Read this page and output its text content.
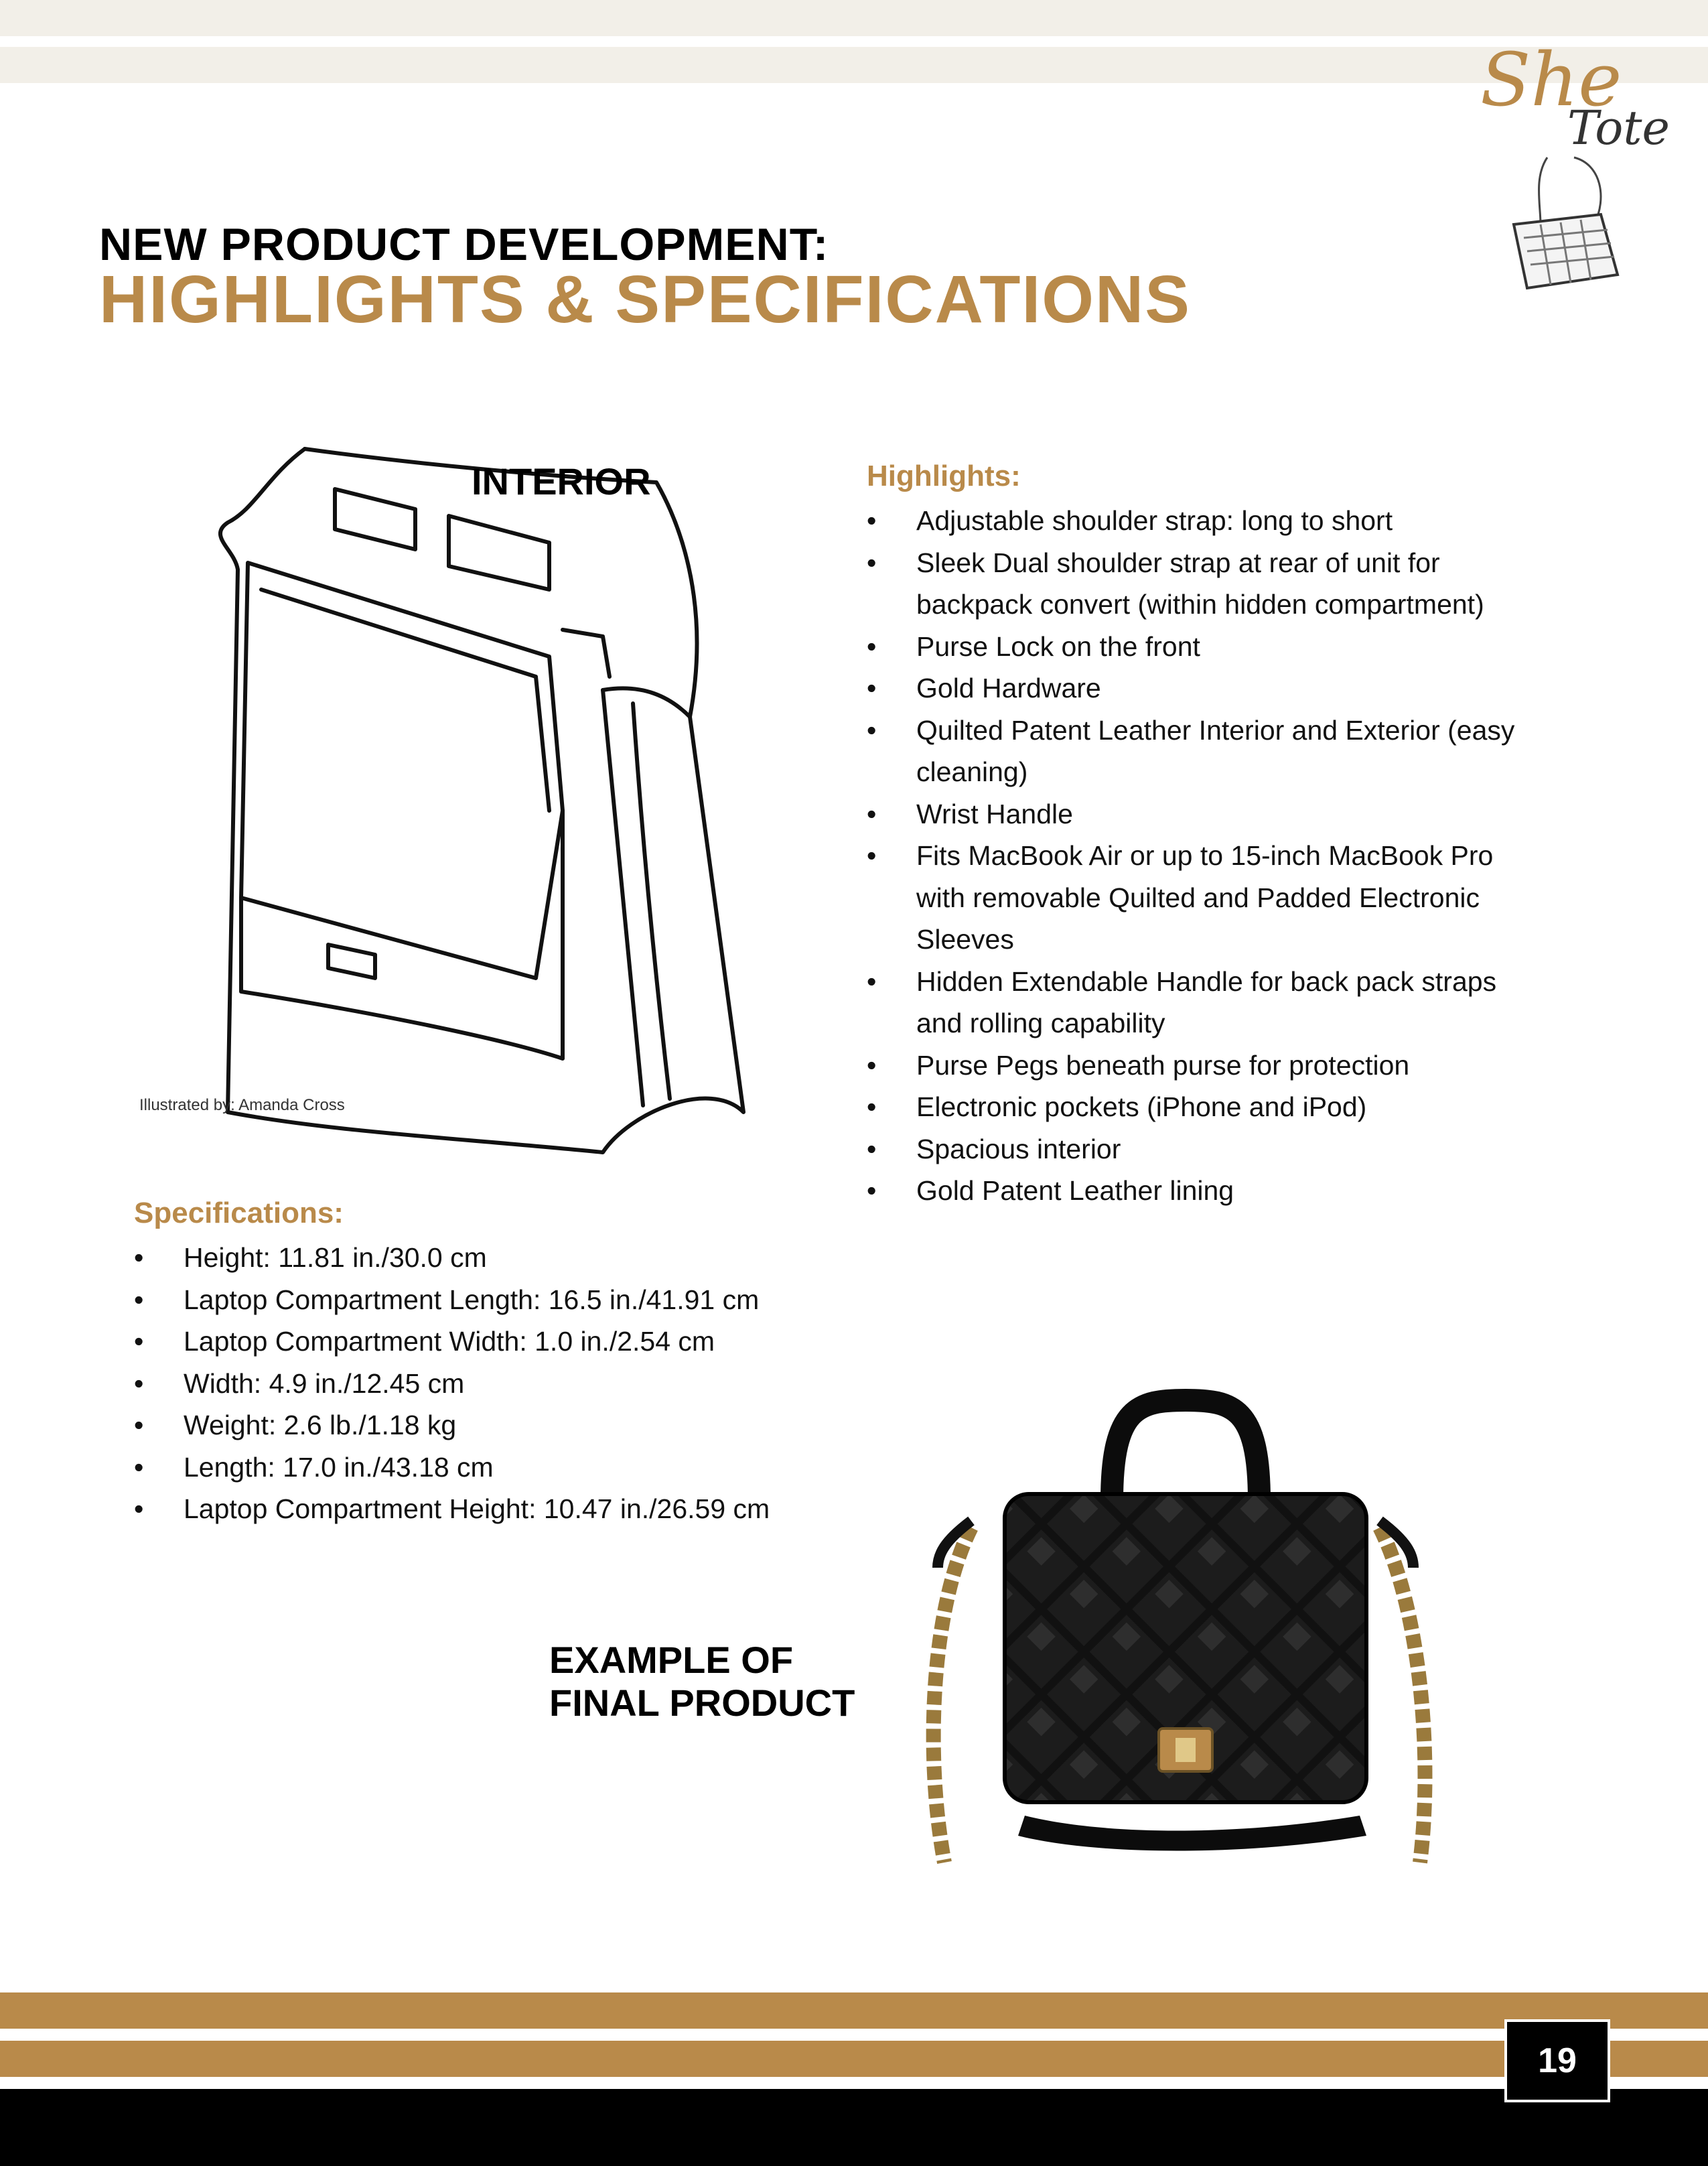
She
Tote
NEW PRODUCT DEVELOPMENT:
HIGHLIGHTS & SPECIFICATIONS
INTERIOR
Illustrated by: Amanda Cross
Highlights:
• Adjustable shoulder strap: long to short
• Sleek Dual shoulder strap at rear of unit for backpack convert (within hidden compartment)
• Purse Lock on the front
• Gold Hardware
• Quilted Patent Leather Interior and Exterior (easy cleaning)
• Wrist Handle
• Fits MacBook Air or up to 15-inch MacBook Pro with removable Quilted and Padded Electronic Sleeves
• Hidden Extendable Handle for back pack straps and rolling capability
• Purse Pegs beneath purse for protection
• Electronic pockets (iPhone and iPod)
• Spacious interior
• Gold Patent Leather lining
Specifications:
• Height: 11.81 in./30.0 cm
• Laptop Compartment Length: 16.5 in./41.91 cm
• Laptop Compartment Width: 1.0 in./2.54 cm
• Width: 4.9 in./12.45 cm
• Weight: 2.6 lb./1.18 kg
• Length: 17.0 in./43.18 cm
• Laptop Compartment Height: 10.47 in./26.59 cm
EXAMPLE OF
FINAL PRODUCT
19
